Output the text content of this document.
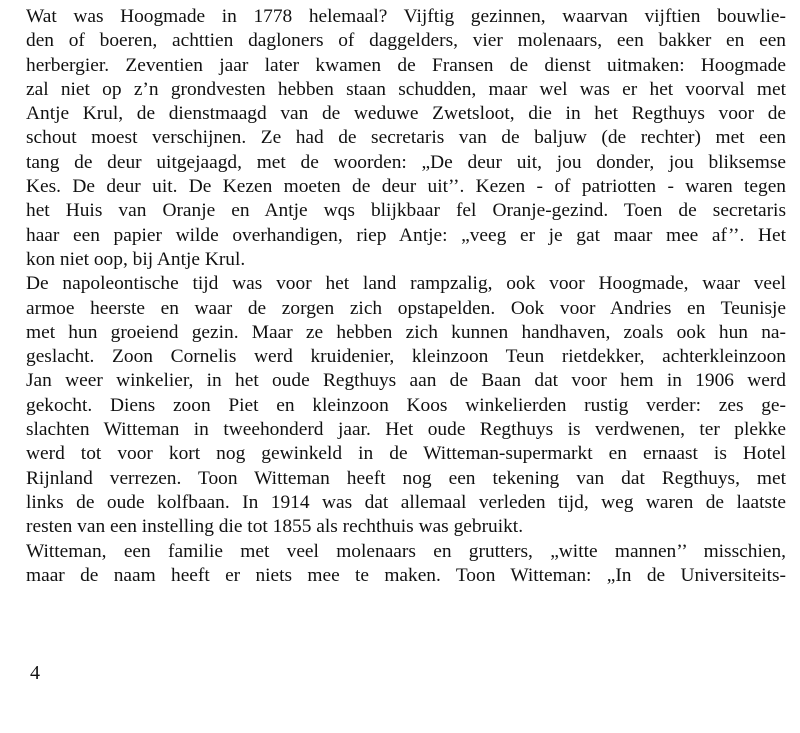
Wat was Hoogmade in 1778 helemaal? Vijftig gezinnen, waarvan vijftien bouwlie-
den of boeren, achttien dagloners of daggelders, vier molenaars, een bakker en een
herbergier. Zeventien jaar later kwamen de Fransen de dienst uitmaken: Hoogmade
zal niet op z’n grondvesten hebben staan schudden, maar wel was er het voorval met
Antje Krul, de dienstmaagd van de weduwe Zwetsloot, die in het Regthuys voor de
schout moest verschijnen. Ze had de secretaris van de baljuw (de rechter) met een
tang de deur uitgejaagd, met de woorden: „De deur uit, jou donder, jou bliksemse
Kes. De deur uit. De Kezen moeten de deur uit’’. Kezen - of patriotten - waren tegen
het Huis van Oranje en Antje wqs blijkbaar fel Oranje-gezind. Toen de secretaris
haar een papier wilde overhandigen, riep Antje: „veeg er je gat maar mee af’’. Het
kon niet oop, bij Antje Krul.
De napoleontische tijd was voor het land rampzalig, ook voor Hoogmade, waar veel
armoe heerste en waar de zorgen zich opstapelden. Ook voor Andries en Teunisje
met hun groeiend gezin. Maar ze hebben zich kunnen handhaven, zoals ook hun na-
geslacht. Zoon Cornelis werd kruidenier, kleinzoon Teun rietdekker, achterkleinzoon
Jan weer winkelier, in het oude Regthuys aan de Baan dat voor hem in 1906 werd
gekocht. Diens zoon Piet en kleinzoon Koos winkelierden rustig verder: zes ge-
slachten Witteman in tweehonderd jaar. Het oude Regthuys is verdwenen, ter plekke
werd tot voor kort nog gewinkeld in de Witteman-supermarkt en ernaast is Hotel
Rijnland verrezen. Toon Witteman heeft nog een tekening van dat Regthuys, met
links de oude kolfbaan. In 1914 was dat allemaal verleden tijd, weg waren de laatste
resten van een instelling die tot 1855 als rechthuis was gebruikt.
Witteman, een familie met veel molenaars en grutters, „witte mannen’’ misschien,
maar de naam heeft er niets mee te maken. Toon Witteman: „In de Universiteits-
4
